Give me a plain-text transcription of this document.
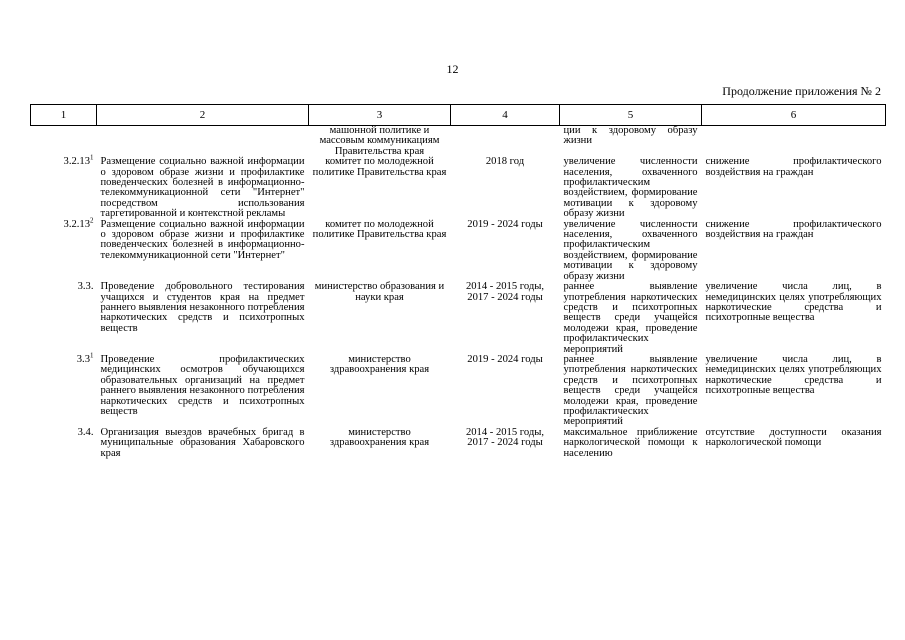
12
Продолжение приложения № 2
1	2	3	4	5	6
		машонной политике и массовым коммуникациям Правительства края		ции к здоровому образу жизни	
3.2.13$^1$	Размещение социально важной информации о здоровом образе жизни и профилактике поведенческих болезней в информационно-телекоммуникационной сети "Интернет" посредством использования таргетированной и контекстной рекламы	комитет по молодежной политике Правительства края	2018 год	увеличение численности населения, охваченного профилактическим воздействием, формирование мотивации к здоровому образу жизни	снижение профилактического воздействия на граждан
3.2.13$^2$	Размещение социально важной информации о здоровом образе жизни и профилактике поведенческих болезней в информационно-телекоммуникационной сети "Интернет"	комитет по молодежной политике Правительства края	2019 - 2024 годы	увеличение численности населения, охваченного профилактическим воздействием, формирование мотивации к здоровому образу жизни	снижение профилактического воздействия на граждан
3.3.	Проведение добровольного тестирования учащихся и студентов края на предмет раннего выявления незаконного потребления наркотических средств и психотропных веществ	министерство образования и науки края	2014 - 2015 годы, 2017 - 2024 годы	раннее выявление употребления наркотических средств и психотропных веществ среди учащейся молодежи края, проведение профилактических мероприятий	увеличение числа лиц, в немедицинских целях употребляющих наркотические средства и психотропные вещества
$3.3^1$	Проведение профилактических медицинских осмотров обучающихся образовательных организаций на предмет раннего выявления незаконного потребления наркотических средств и психотропных веществ	министерство здравоохранения края	2019 - 2024 годы	раннее выявление употребления наркотических средств и психотропных веществ среди учащейся молодежи края, проведение профилактических мероприятий	увеличение числа лиц, в немедицинских целях употребляющих наркотические средства и психотропные вещества
3.4.	Организация выездов врачебных бригад в муниципальные образования Хабаровского края	министерство здравоохранения края	2014 - 2015 годы, 2017 - 2024 годы	максимальное приближение наркологической помощи к населению	отсутствие доступности оказания наркологической помощи
